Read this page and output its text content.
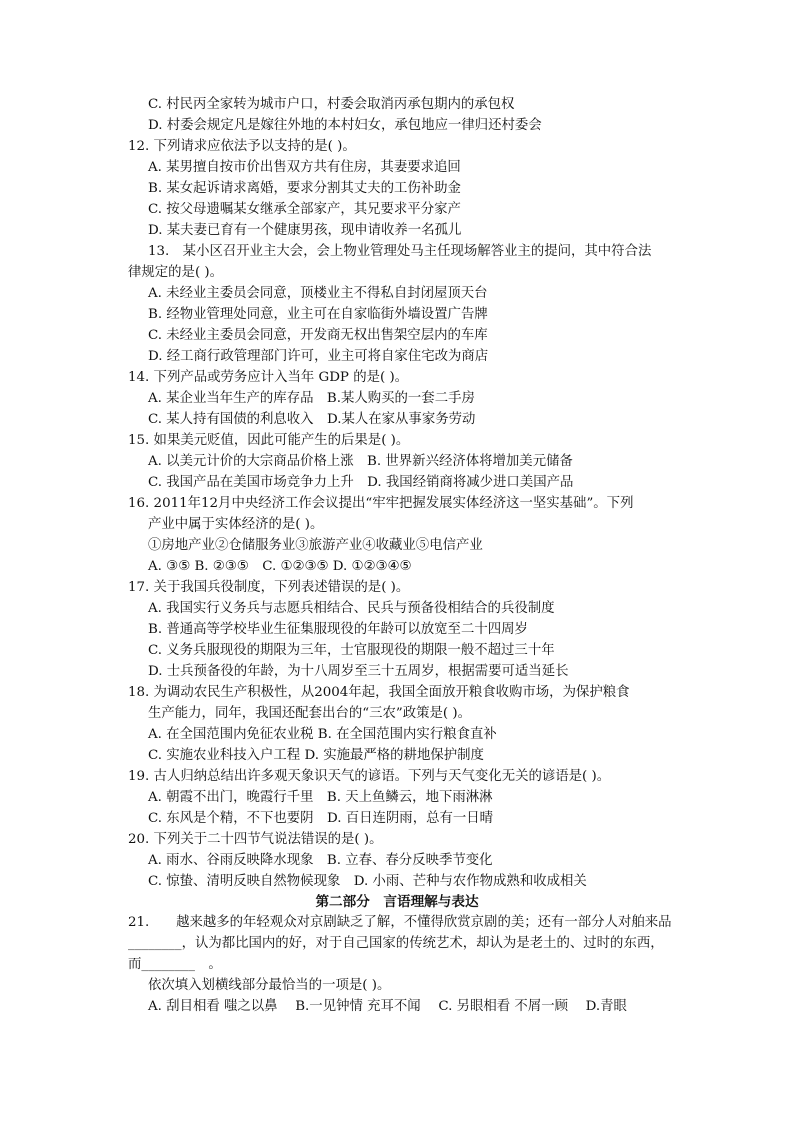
C. 村民丙全家转为城市户口，村委会取消丙承包期内的承包权
D. 村委会规定凡是嫁往外地的本村妇女，承包地应一律归还村委会
12. 下列请求应依法予以支持的是( )。
A. 某男擅自按市价出售双方共有住房，其妻要求追回
B. 某女起诉请求离婚，要求分割其丈夫的工伤补助金
C. 按父母遗嘱某女继承全部家产，其兄要求平分家产
D. 某夫妻已育有一个健康男孩，现申请收养一名孤儿
13.　某小区召开业主大会，会上物业管理处马主任现场解答业主的提问，其中符合法
律规定的是( )。
A. 未经业主委员会同意，顶楼业主不得私自封闭屋顶天台
B. 经物业管理处同意，业主可在自家临街外墙设置广告牌
C. 未经业主委员会同意，开发商无权出售架空层内的车库
D. 经工商行政管理部门许可，业主可将自家住宅改为商店
14. 下列产品或劳务应计入当年 GDP 的是( )。
A. 某企业当年生产的库存品　B.某人购买的一套二手房
C. 某人持有国债的利息收入　D.某人在家从事家务劳动
15. 如果美元贬值，因此可能产生的后果是( )。
A. 以美元计价的大宗商品价格上涨　B. 世界新兴经济体将增加美元储备
C. 我国产品在美国市场竞争力上升　D. 我国经销商将减少进口美国产品
16. 2011年12月中央经济工作会议提出“牢牢把握发展实体经济这一坚实基础”。下列
产业中属于实体经济的是( )。
①房地产业②仓储服务业③旅游产业④收藏业⑤电信产业
A. ③⑤ B. ②③⑤　C. ①②③⑤ D. ①②③④⑤
17. 关于我国兵役制度，下列表述错误的是( )。
A. 我国实行义务兵与志愿兵相结合、民兵与预备役相结合的兵役制度
B. 普通高等学校毕业生征集服现役的年龄可以放宽至二十四周岁
C. 义务兵服现役的期限为三年，士官服现役的期限一般不超过三十年
D. 士兵预备役的年龄，为十八周岁至三十五周岁，根据需要可适当延长
18. 为调动农民生产积极性，从2004年起，我国全面放开粮食收购市场，为保护粮食
生产能力，同年，我国还配套出台的“三农”政策是( )。
A. 在全国范围内免征农业税 B. 在全国范围内实行粮食直补
C. 实施农业科技入户工程 D. 实施最严格的耕地保护制度
19. 古人归纳总结出许多观天象识天气的谚语。下列与天气变化无关的谚语是( )。
A. 朝霞不出门，晚霞行千里　B. 天上鱼鳞云，地下雨淋淋
C. 东风是个精，不下也要阴　D. 百日连阴雨，总有一日晴
20. 下列关于二十四节气说法错误的是( )。
A. 雨水、谷雨反映降水现象　B. 立春、春分反映季节变化
C. 惊蛰、清明反映自然物候现象　D. 小雨、芒种与农作物成熟和收成相关
第二部分　言语理解与表达
21.　　越来越多的年轻观众对京剧缺乏了解，不懂得欣赏京剧的美；还有一部分人对舶来品
________，认为都比国内的好，对于自己国家的传统艺术，却认为是老土的、过时的东西，
而________　。
依次填入划横线部分最恰当的一项是( )。
A. 刮目相看 嗤之以鼻　 B.一见钟情 充耳不闻　 C. 另眼相看 不屑一顾　 D.青眼
